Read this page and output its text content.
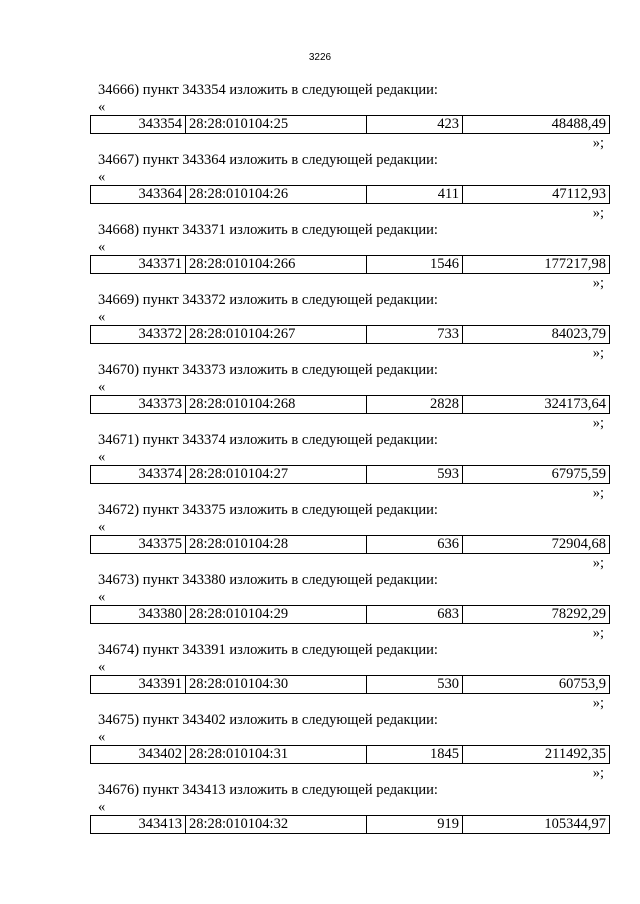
3226
34666) пункт 343354 изложить в следующей редакции:
«
343354	28:28:010104:25	423	48488,49
»;
34667) пункт 343364 изложить в следующей редакции:
«
343364	28:28:010104:26	411	47112,93
»;
34668) пункт 343371 изложить в следующей редакции:
«
343371	28:28:010104:266	1546	177217,98
»;
34669) пункт 343372 изложить в следующей редакции:
«
343372	28:28:010104:267	733	84023,79
»;
34670) пункт 343373 изложить в следующей редакции:
«
343373	28:28:010104:268	2828	324173,64
»;
34671) пункт 343374 изложить в следующей редакции:
«
343374	28:28:010104:27	593	67975,59
»;
34672) пункт 343375 изложить в следующей редакции:
«
343375	28:28:010104:28	636	72904,68
»;
34673) пункт 343380 изложить в следующей редакции:
«
343380	28:28:010104:29	683	78292,29
»;
34674) пункт 343391 изложить в следующей редакции:
«
343391	28:28:010104:30	530	60753,9
»;
34675) пункт 343402 изложить в следующей редакции:
«
343402	28:28:010104:31	1845	211492,35
»;
34676) пункт 343413 изложить в следующей редакции:
«
343413	28:28:010104:32	919	105344,97
